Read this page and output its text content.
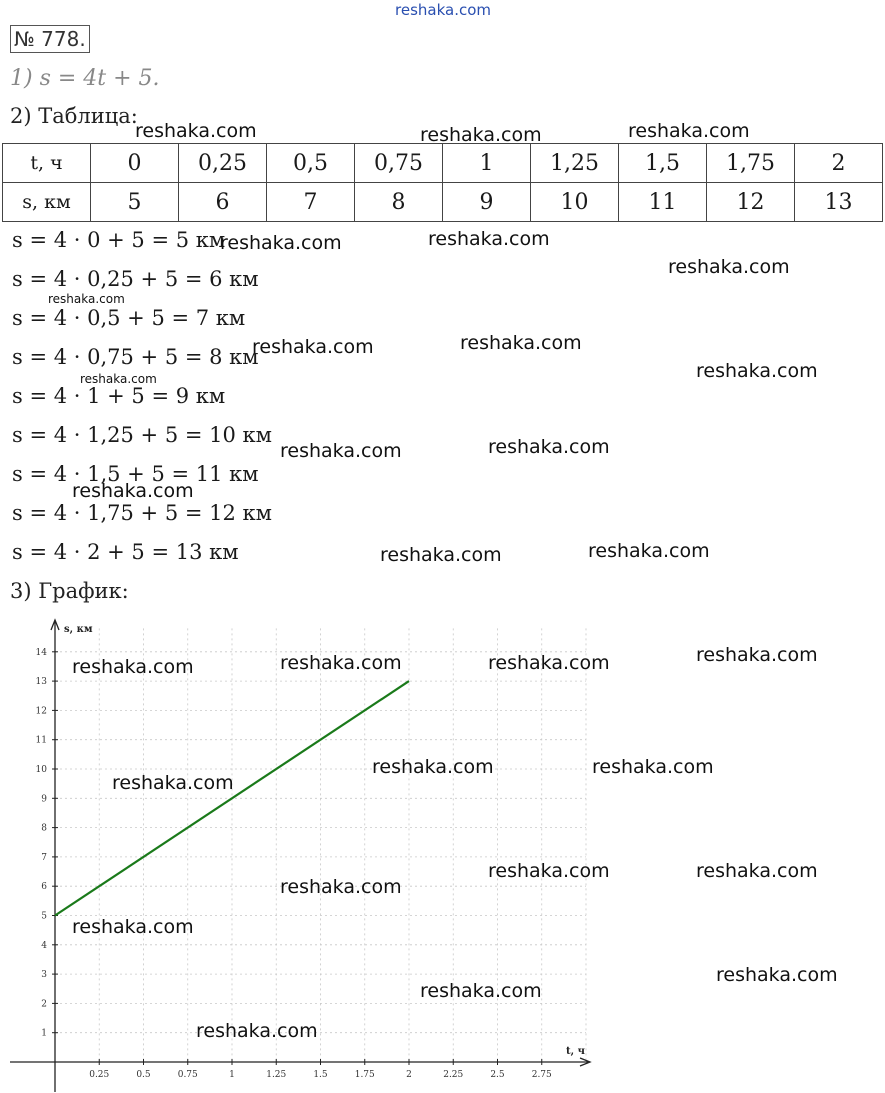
reshaka.com
№ 778.
1) s = 4t + 5.
2) Таблица:
t, ч	0	0,25	0,5	0,75	1	1,25	1,5	1,75	2
s, км	5	6	7	8	9	10	11	12	13
s = 4 · 0 + 5 = 5 км
s = 4 · 0,25 + 5 = 6 км
s = 4 · 0,5 + 5 = 7 км
s = 4 · 0,75 + 5 = 8 км
s = 4 · 1 + 5 = 9 км
s = 4 · 1,25 + 5 = 10 км
s = 4 · 1,5 + 5 = 11 км
s = 4 · 1,75 + 5 = 12 км
s = 4 · 2 + 5 = 13 км
3) График:
1
2
3
4
5
6
7
8
9
10
11
12
13
14
0.25	0.5	0.75	1	1.25	1.5	1.75	2	2.25	2.5	2.75
s, км
t, ч
reshaka.com	reshaka.com	reshaka.com
reshaka.com	reshaka.com
reshaka.com
reshaka.com
reshaka.com	reshaka.com
reshaka.com
reshaka.com
reshaka.com	reshaka.com
reshaka.com
reshaka.com	reshaka.com
reshaka.com	reshaka.com	reshaka.com	reshaka.com
reshaka.com
reshaka.com	reshaka.com
reshaka.com	reshaka.com
reshaka.com
reshaka.com
reshaka.com
reshaka.com
reshaka.com
